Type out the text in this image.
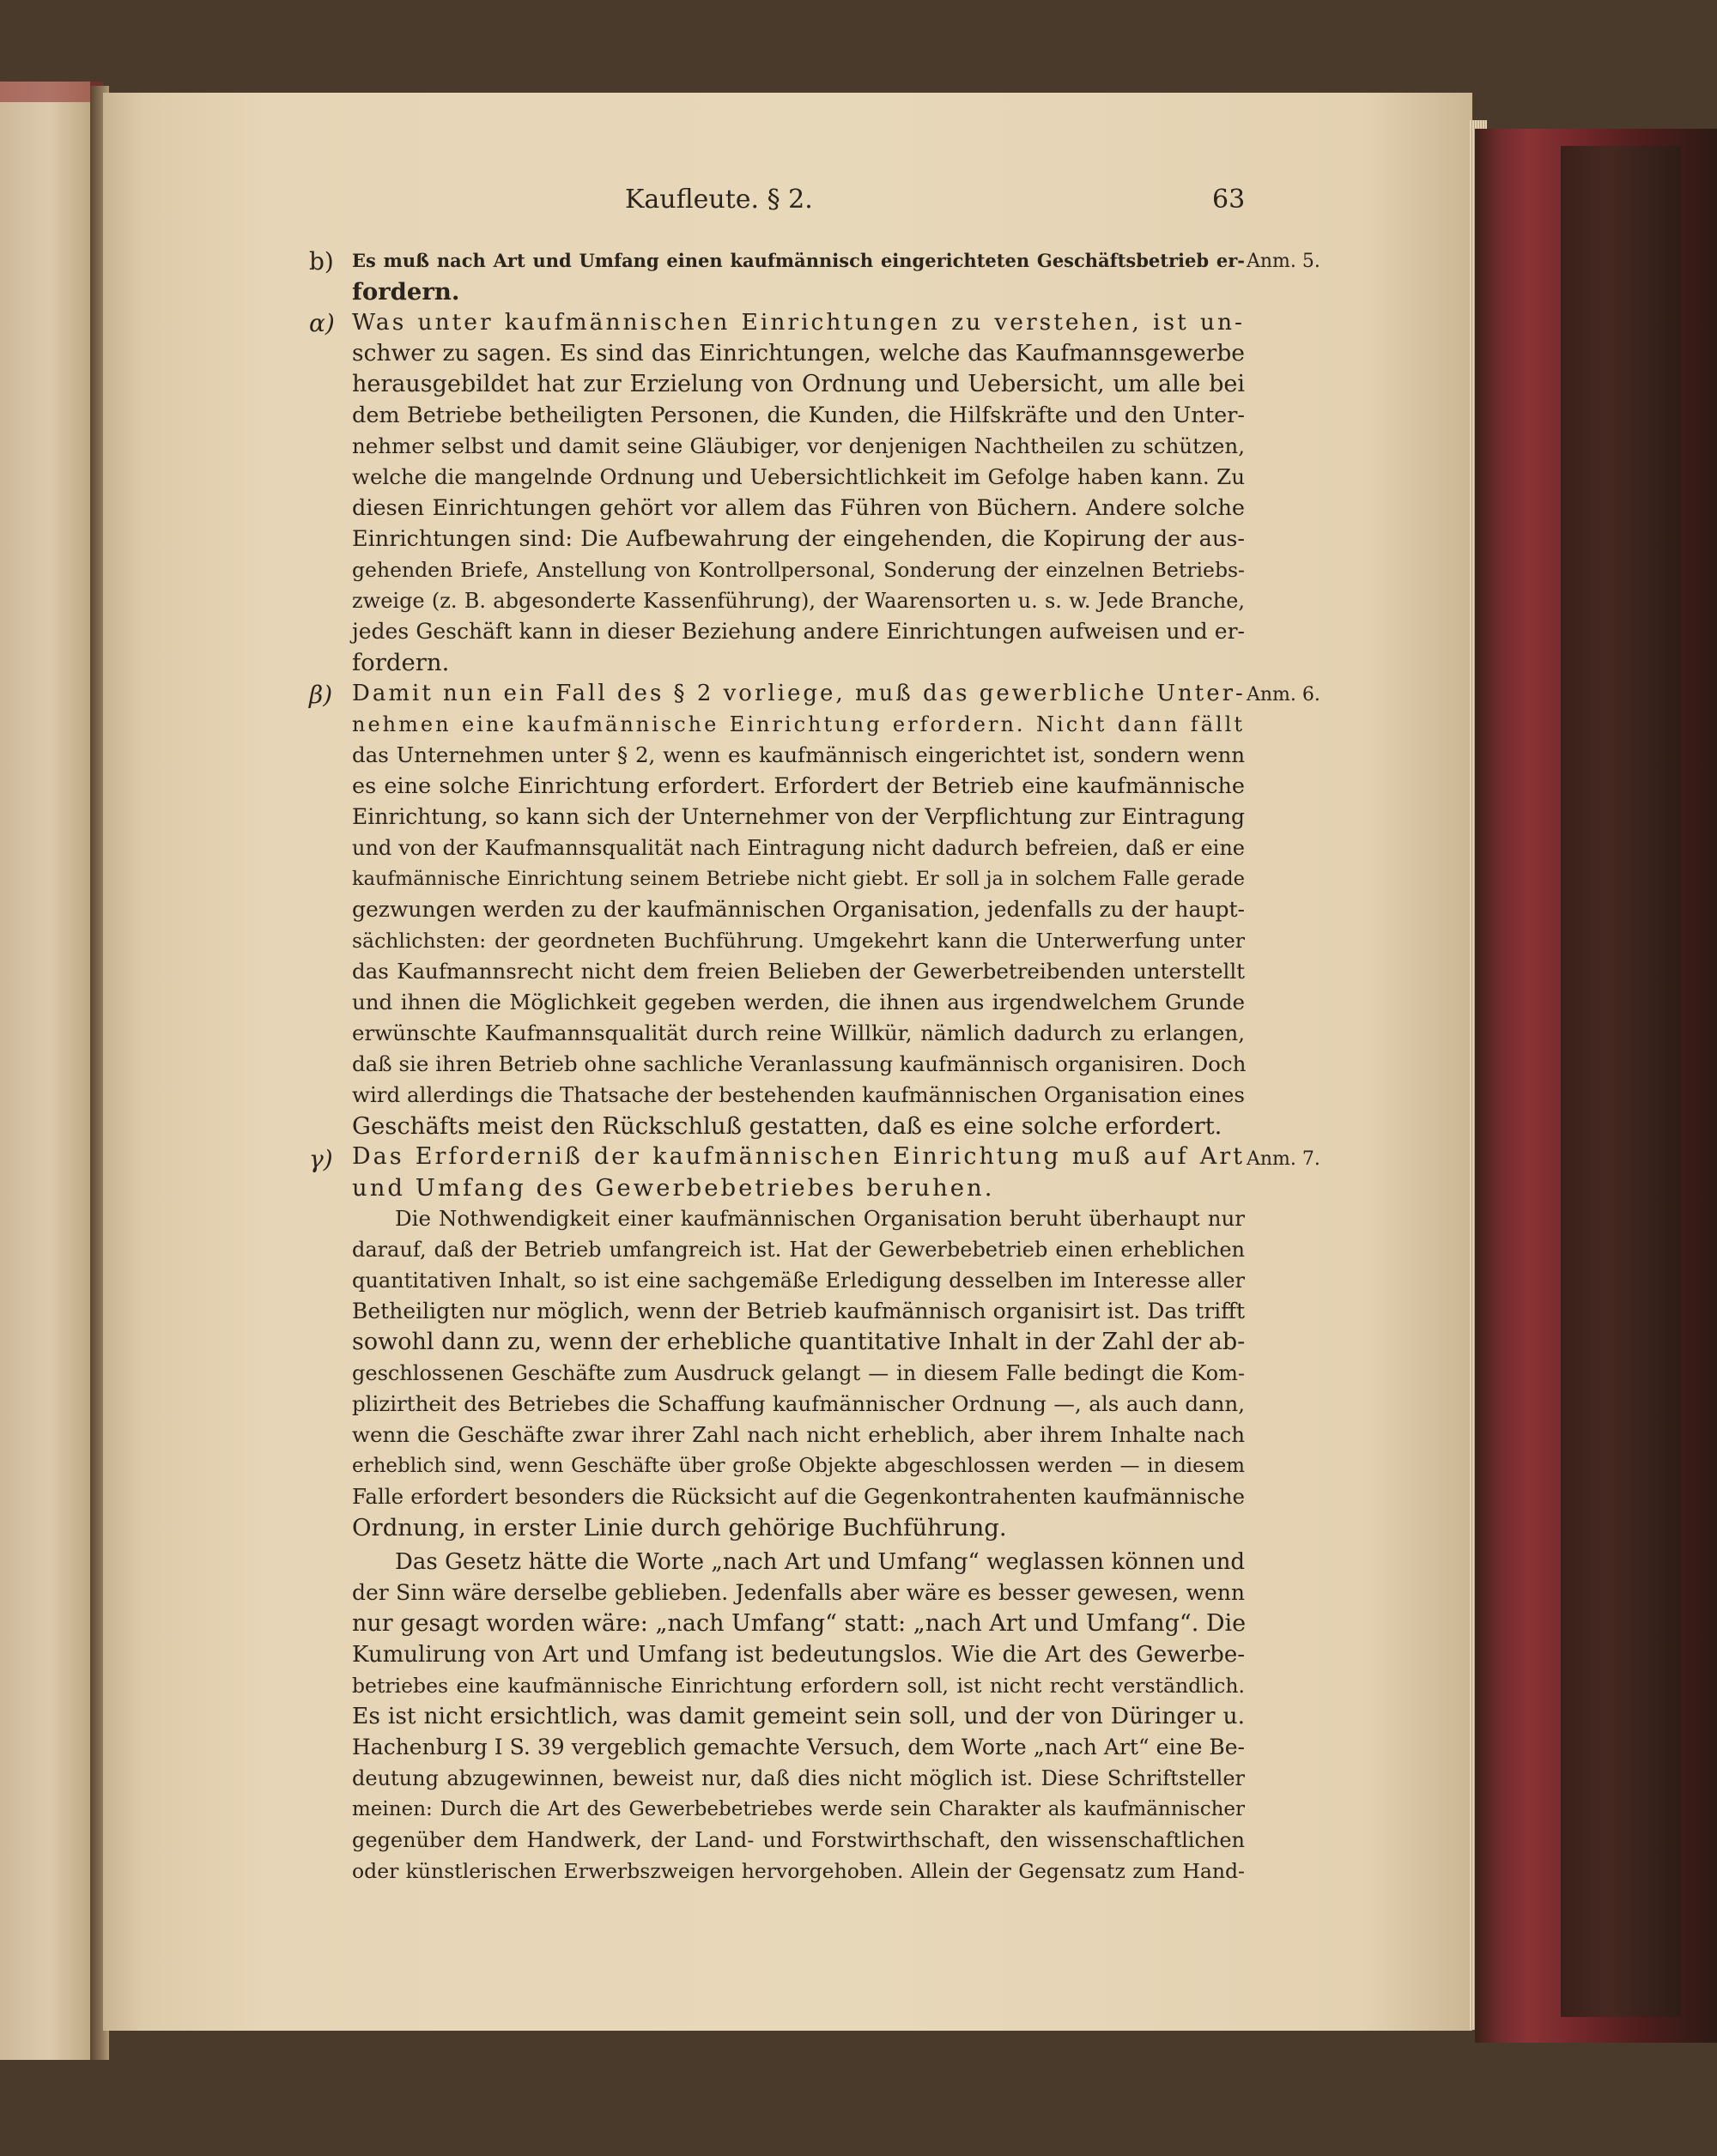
Kaufleute. § 2.	63
b)
α)
β)
γ)
Anm. 5.
Anm. 6.
Anm. 7.
Es muß nach Art und Umfang einen kaufmännisch eingerichteten Geschäftsbetrieb er-
fordern.
Was unter kaufmännischen Einrichtungen zu verstehen, ist un-
schwer zu sagen. Es sind das Einrichtungen, welche das Kaufmannsgewerbe
herausgebildet hat zur Erzielung von Ordnung und Uebersicht, um alle bei
dem Betriebe betheiligten Personen, die Kunden, die Hilfskräfte und den Unter-
nehmer selbst und damit seine Gläubiger, vor denjenigen Nachtheilen zu schützen,
welche die mangelnde Ordnung und Uebersichtlichkeit im Gefolge haben kann. Zu
diesen Einrichtungen gehört vor allem das Führen von Büchern. Andere solche
Einrichtungen sind: Die Aufbewahrung der eingehenden, die Kopirung der aus-
gehenden Briefe, Anstellung von Kontrollpersonal, Sonderung der einzelnen Betriebs-
zweige (z. B. abgesonderte Kassenführung), der Waarensorten u. s. w. Jede Branche,
jedes Geschäft kann in dieser Beziehung andere Einrichtungen aufweisen und er-
fordern.
Damit nun ein Fall des § 2 vorliege, muß das gewerbliche Unter-
nehmen eine kaufmännische Einrichtung erfordern. Nicht dann fällt
das Unternehmen unter § 2, wenn es kaufmännisch eingerichtet ist, sondern wenn
es eine solche Einrichtung erfordert. Erfordert der Betrieb eine kaufmännische
Einrichtung, so kann sich der Unternehmer von der Verpflichtung zur Eintragung
und von der Kaufmannsqualität nach Eintragung nicht dadurch befreien, daß er eine
kaufmännische Einrichtung seinem Betriebe nicht giebt. Er soll ja in solchem Falle gerade
gezwungen werden zu der kaufmännischen Organisation, jedenfalls zu der haupt-
sächlichsten: der geordneten Buchführung. Umgekehrt kann die Unterwerfung unter
das Kaufmannsrecht nicht dem freien Belieben der Gewerbetreibenden unterstellt
und ihnen die Möglichkeit gegeben werden, die ihnen aus irgendwelchem Grunde
erwünschte Kaufmannsqualität durch reine Willkür, nämlich dadurch zu erlangen,
daß sie ihren Betrieb ohne sachliche Veranlassung kaufmännisch organisiren. Doch
wird allerdings die Thatsache der bestehenden kaufmännischen Organisation eines
Geschäfts meist den Rückschluß gestatten, daß es eine solche erfordert.
Das Erforderniß der kaufmännischen Einrichtung muß auf Art
und Umfang des Gewerbebetriebes beruhen.
Die Nothwendigkeit einer kaufmännischen Organisation beruht überhaupt nur
darauf, daß der Betrieb umfangreich ist. Hat der Gewerbebetrieb einen erheblichen
quantitativen Inhalt, so ist eine sachgemäße Erledigung desselben im Interesse aller
Betheiligten nur möglich, wenn der Betrieb kaufmännisch organisirt ist. Das trifft
sowohl dann zu, wenn der erhebliche quantitative Inhalt in der Zahl der ab-
geschlossenen Geschäfte zum Ausdruck gelangt — in diesem Falle bedingt die Kom-
plizirtheit des Betriebes die Schaffung kaufmännischer Ordnung —, als auch dann,
wenn die Geschäfte zwar ihrer Zahl nach nicht erheblich, aber ihrem Inhalte nach
erheblich sind, wenn Geschäfte über große Objekte abgeschlossen werden — in diesem
Falle erfordert besonders die Rücksicht auf die Gegenkontrahenten kaufmännische
Ordnung, in erster Linie durch gehörige Buchführung.
Das Gesetz hätte die Worte „nach Art und Umfang“ weglassen können und
der Sinn wäre derselbe geblieben. Jedenfalls aber wäre es besser gewesen, wenn
nur gesagt worden wäre: „nach Umfang“ statt: „nach Art und Umfang“. Die
Kumulirung von Art und Umfang ist bedeutungslos. Wie die Art des Gewerbe-
betriebes eine kaufmännische Einrichtung erfordern soll, ist nicht recht verständlich.
Es ist nicht ersichtlich, was damit gemeint sein soll, und der von Düringer u.
Hachenburg I S. 39 vergeblich gemachte Versuch, dem Worte „nach Art“ eine Be-
deutung abzugewinnen, beweist nur, daß dies nicht möglich ist. Diese Schriftsteller
meinen: Durch die Art des Gewerbebetriebes werde sein Charakter als kaufmännischer
gegenüber dem Handwerk, der Land- und Forstwirthschaft, den wissenschaftlichen
oder künstlerischen Erwerbszweigen hervorgehoben. Allein der Gegensatz zum Hand-
